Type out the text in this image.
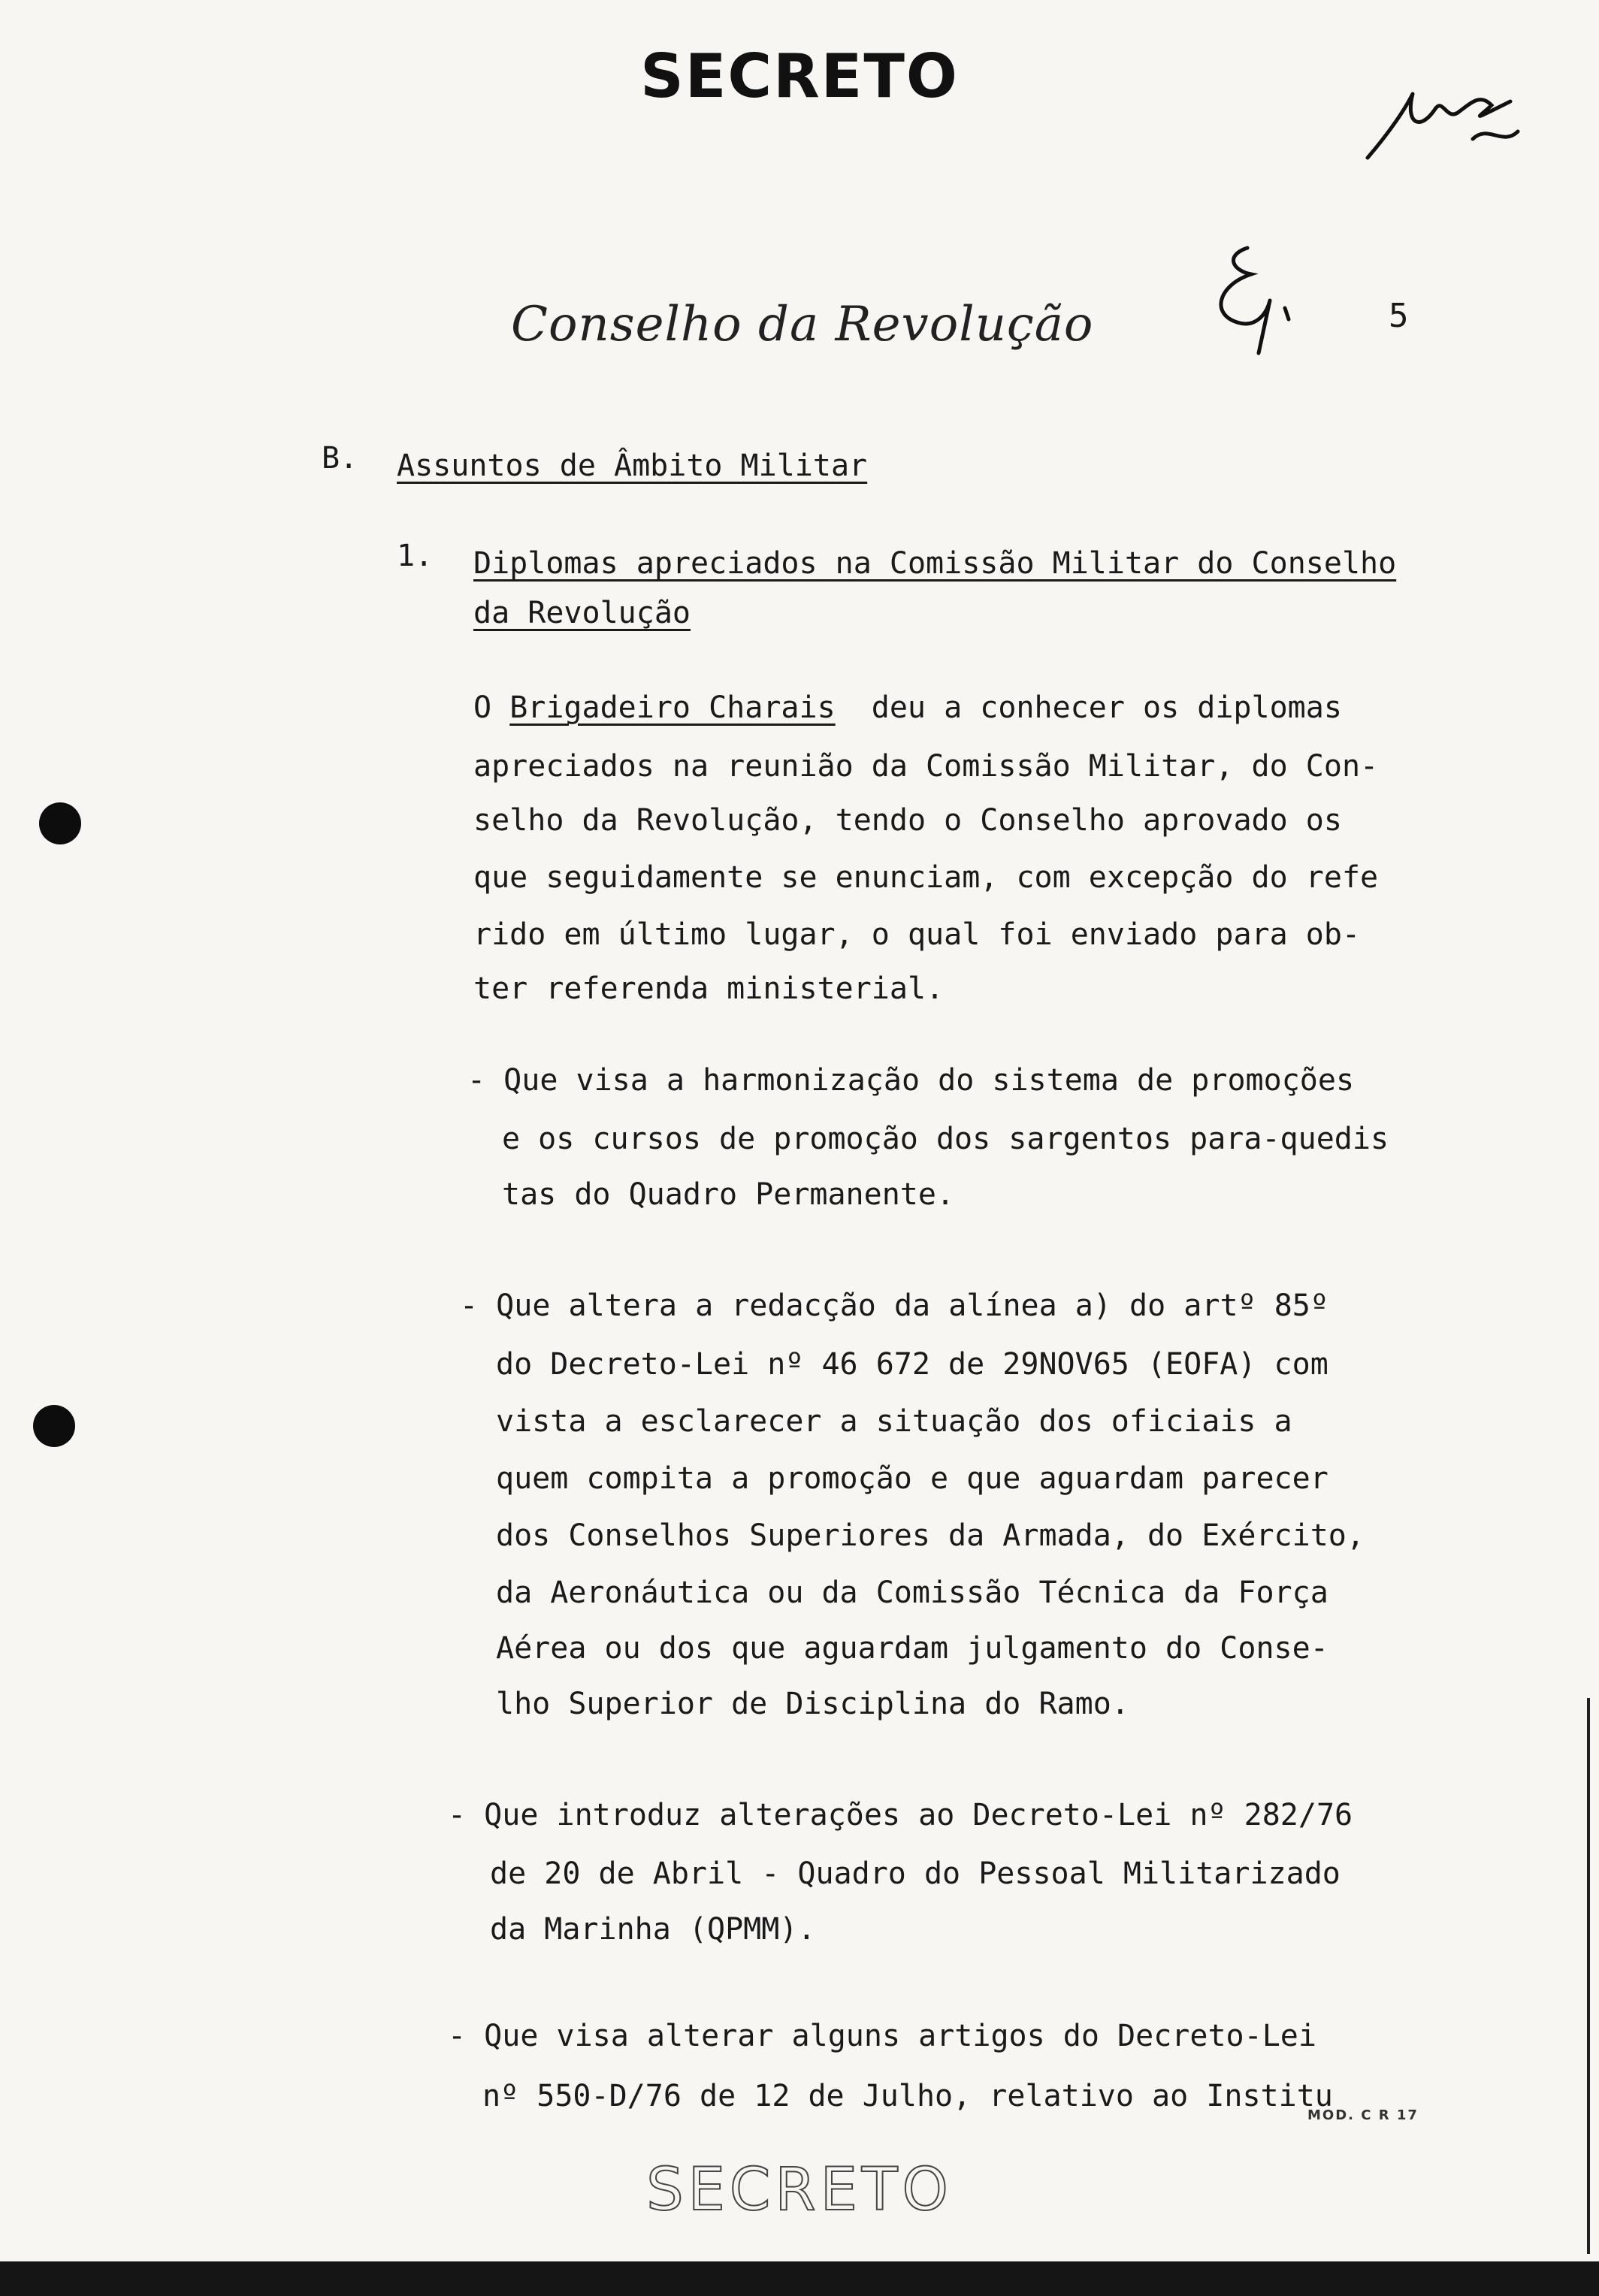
SECRETO
Conselho da Revolução	5
B. Assuntos de Âmbito Militar
1. Diplomas apreciados na Comissão Militar do Conselho
da Revolução
O Brigadeiro Charais deu a conhecer os diplomas
apreciados na reunião da Comissão Militar, do Con-
selho da Revolução, tendo o Conselho aprovado os
que seguidamente se enunciam, com excepção do refe
rido em último lugar, o qual foi enviado para ob-
ter referenda ministerial.
- Que visa a harmonização do sistema de promoções
e os cursos de promoção dos sargentos para-quedis
tas do Quadro Permanente.
- Que altera a redacção da alínea a) do artº 85º
do Decreto-Lei nº 46 672 de 29NOV65 (EOFA) com
vista a esclarecer a situação dos oficiais a
quem compita a promoção e que aguardam parecer
dos Conselhos Superiores da Armada, do Exército,
da Aeronáutica ou da Comissão Técnica da Força
Aérea ou dos que aguardam julgamento do Conse-
lho Superior de Disciplina do Ramo.
- Que introduz alterações ao Decreto-Lei nº 282/76
de 20 de Abril - Quadro do Pessoal Militarizado
da Marinha (QPMM).
- Que visa alterar alguns artigos do Decreto-Lei
nº 550-D/76 de 12 de Julho, relativo ao Institu
MOD. C R 17
SECRETO
